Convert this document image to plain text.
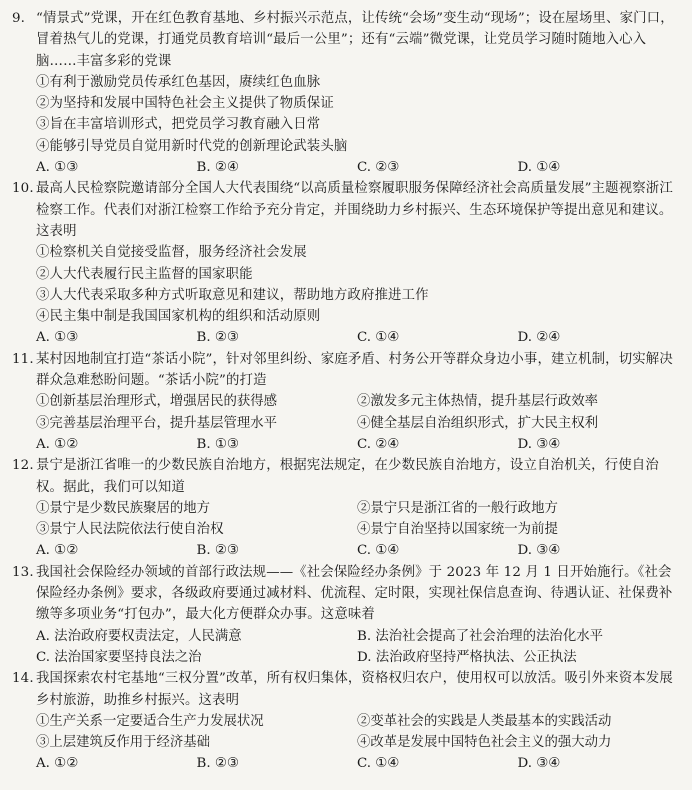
9. “情景式”党课，开在红色教育基地、乡村振兴示范点，让传统“会场”变生动“现场”；设在屋场里、家门口，冒着热气儿的党课，打通党员教育培训“最后一公里”；还有“云端”微党课，让党员学习随时随地入心入脑……丰富多彩的党课
①有利于激励党员传承红色基因，赓续红色血脉
②为坚持和发展中国特色社会主义提供了物质保证
③旨在丰富培训形式，把党员学习教育融入日常
④能够引导党员自觉用新时代党的创新理论武装头脑
A. ①③	B. ②④	C. ②③	D. ①④
10. 最高人民检察院邀请部分全国人大代表围绕“以高质量检察履职服务保障经济社会高质量发展”主题视察浙江检察工作。代表们对浙江检察工作给予充分肯定，并围绕助力乡村振兴、生态环境保护等提出意见和建议。这表明
①检察机关自觉接受监督，服务经济社会发展
②人大代表履行民主监督的国家职能
③人大代表采取多种方式听取意见和建议，帮助地方政府推进工作
④民主集中制是我国国家机构的组织和活动原则
A. ①③	B. ②③	C. ①④	D. ②④
11. 某村因地制宜打造“茶话小院”，针对邻里纠纷、家庭矛盾、村务公开等群众身边小事，建立机制，切实解决群众急难愁盼问题。“茶话小院”的打造
①创新基层治理形式，增强居民的获得感	②激发多元主体热情，提升基层行政效率
③完善基层治理平台，提升基层管理水平	④健全基层自治组织形式，扩大民主权利
A. ①②	B. ①③	C. ②④	D. ③④
12. 景宁是浙江省唯一的少数民族自治地方，根据宪法规定，在少数民族自治地方，设立自治机关，行使自治权。据此，我们可以知道
①景宁是少数民族聚居的地方	②景宁只是浙江省的一般行政地方
③景宁人民法院依法行使自治权	④景宁自治坚持以国家统一为前提
A. ①②	B. ②③	C. ①④	D. ③④
13. 我国社会保险经办领域的首部行政法规——《社会保险经办条例》于 2023 年 12 月 1 日开始施行。《社会保险经办条例》要求，各级政府要通过减材料、优流程、定时限，实现社保信息查询、待遇认证、社保费补缴等多项业务“打包办”，最大化方便群众办事。这意味着
A. 法治政府要权责法定，人民满意	B. 法治社会提高了社会治理的法治化水平
C. 法治国家要坚持良法之治	D. 法治政府坚持严格执法、公正执法
14. 我国探索农村宅基地“三权分置”改革，所有权归集体，资格权归农户，使用权可以放活。吸引外来资本发展乡村旅游，助推乡村振兴。这表明
①生产关系一定要适合生产力发展状况	②变革社会的实践是人类最基本的实践活动
③上层建筑反作用于经济基础	④改革是发展中国特色社会主义的强大动力
A. ①②	B. ②③	C. ①④	D. ③④
